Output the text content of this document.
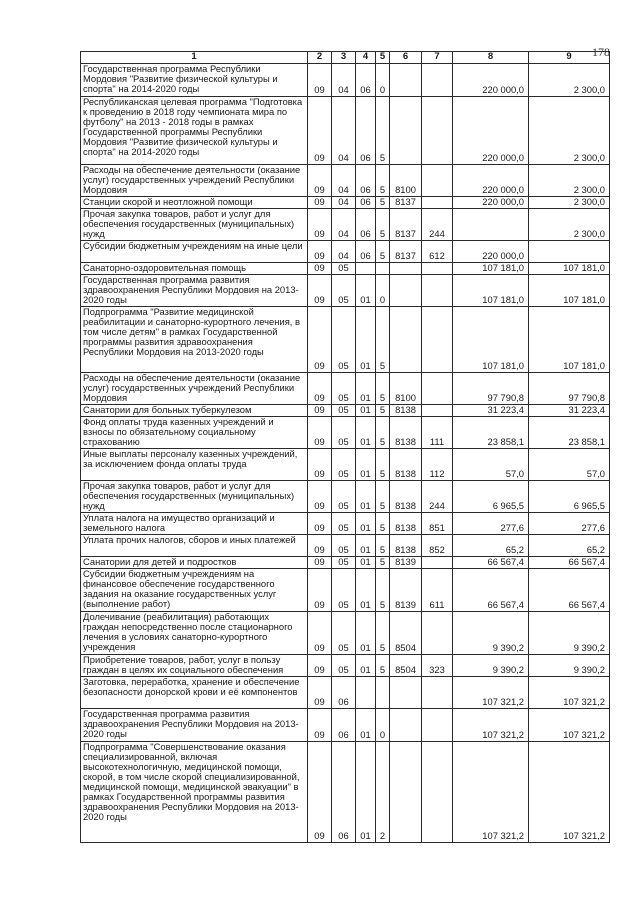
178
1	2	3	4	5	6	7	8	9
Государственная программа Республики Мордовия "Развитие физической культуры и спорта" на 2014-2020 годы	09	04	06	0			220 000,0	2 300,0
Республиканская целевая программа "Подготовка к проведению в 2018 году чемпионата мира по футболу" на 2013 - 2018 годы в рамках Государственной программы Республики Мордовия "Развитие физической культуры и спорта" на 2014-2020 годы	09	04	06	5			220 000,0	2 300,0
Расходы на обеспечение деятельности (оказание услуг) государственных учреждений Республики Мордовия	09	04	06	5	8100		220 000,0	2 300,0
Станции скорой и неотложной помощи	09	04	06	5	8137		220 000,0	2 300,0
Прочая закупка товаров, работ и услуг для обеспечения государственных (муниципальных) нужд	09	04	06	5	8137	244		2 300,0
Субсидии бюджетным учреждениям на иные цели	09	04	06	5	8137	612	220 000,0	
Санаторно-оздоровительная помощь	09	05					107 181,0	107 181,0
Государственная программа развития здравоохранения Республики Мордовия на 2013-2020 годы	09	05	01	0			107 181,0	107 181,0
Подпрограмма "Развитие медицинской реабилитации и санаторно-курортного лечения, в том числе детям" в рамках Государственной программы развития здравоохранения Республики Мордовия на 2013-2020 годы	09	05	01	5			107 181,0	107 181,0
Расходы на обеспечение деятельности (оказание услуг) государственных учреждений Республики Мордовия	09	05	01	5	8100		97 790,8	97 790,8
Санатории для больных туберкулезом	09	05	01	5	8138		31 223,4	31 223,4
Фонд оплаты труда казенных учреждений и взносы по обязательному социальному страхованию	09	05	01	5	8138	111	23 858,1	23 858,1
Иные выплаты персоналу казенных учреждений, за исключением фонда оплаты труда	09	05	01	5	8138	112	57,0	57,0
Прочая закупка товаров, работ и услуг для обеспечения государственных (муниципальных) нужд	09	05	01	5	8138	244	6 965,5	6 965,5
Уплата налога на имущество организаций и земельного налога	09	05	01	5	8138	851	277,6	277,6
Уплата прочих налогов, сборов и иных платежей	09	05	01	5	8138	852	65,2	65,2
Санатории для детей и подростков	09	05	01	5	8139		66 567,4	66 567,4
Субсидии бюджетным учреждениям на финансовое обеспечение государственного задания на оказание государственных услуг (выполнение работ)	09	05	01	5	8139	611	66 567,4	66 567,4
Долечивание (реабилитация) работающих граждан непосредственно после стационарного лечения в условиях санаторно-курортного учреждения	09	05	01	5	8504		9 390,2	9 390,2
Приобретение товаров, работ, услуг в пользу граждан в целях их социального обеспечения	09	05	01	5	8504	323	9 390,2	9 390,2
Заготовка, переработка, хранение и обеспечение безопасности донорской крови и её компонентов	09	06					107 321,2	107 321,2
Государственная программа развития здравоохранения Республики Мордовия на 2013-2020 годы	09	06	01	0			107 321,2	107 321,2
Подпрограмма "Совершенствование оказания специализированной, включая высокотехнологичную, медицинской помощи, скорой, в том числе скорой специализированной, медицинской помощи, медицинской эвакуации" в рамках Государственной программы развития здравоохранения Республики Мордовия на 2013-2020 годы	09	06	01	2			107 321,2	107 321,2
